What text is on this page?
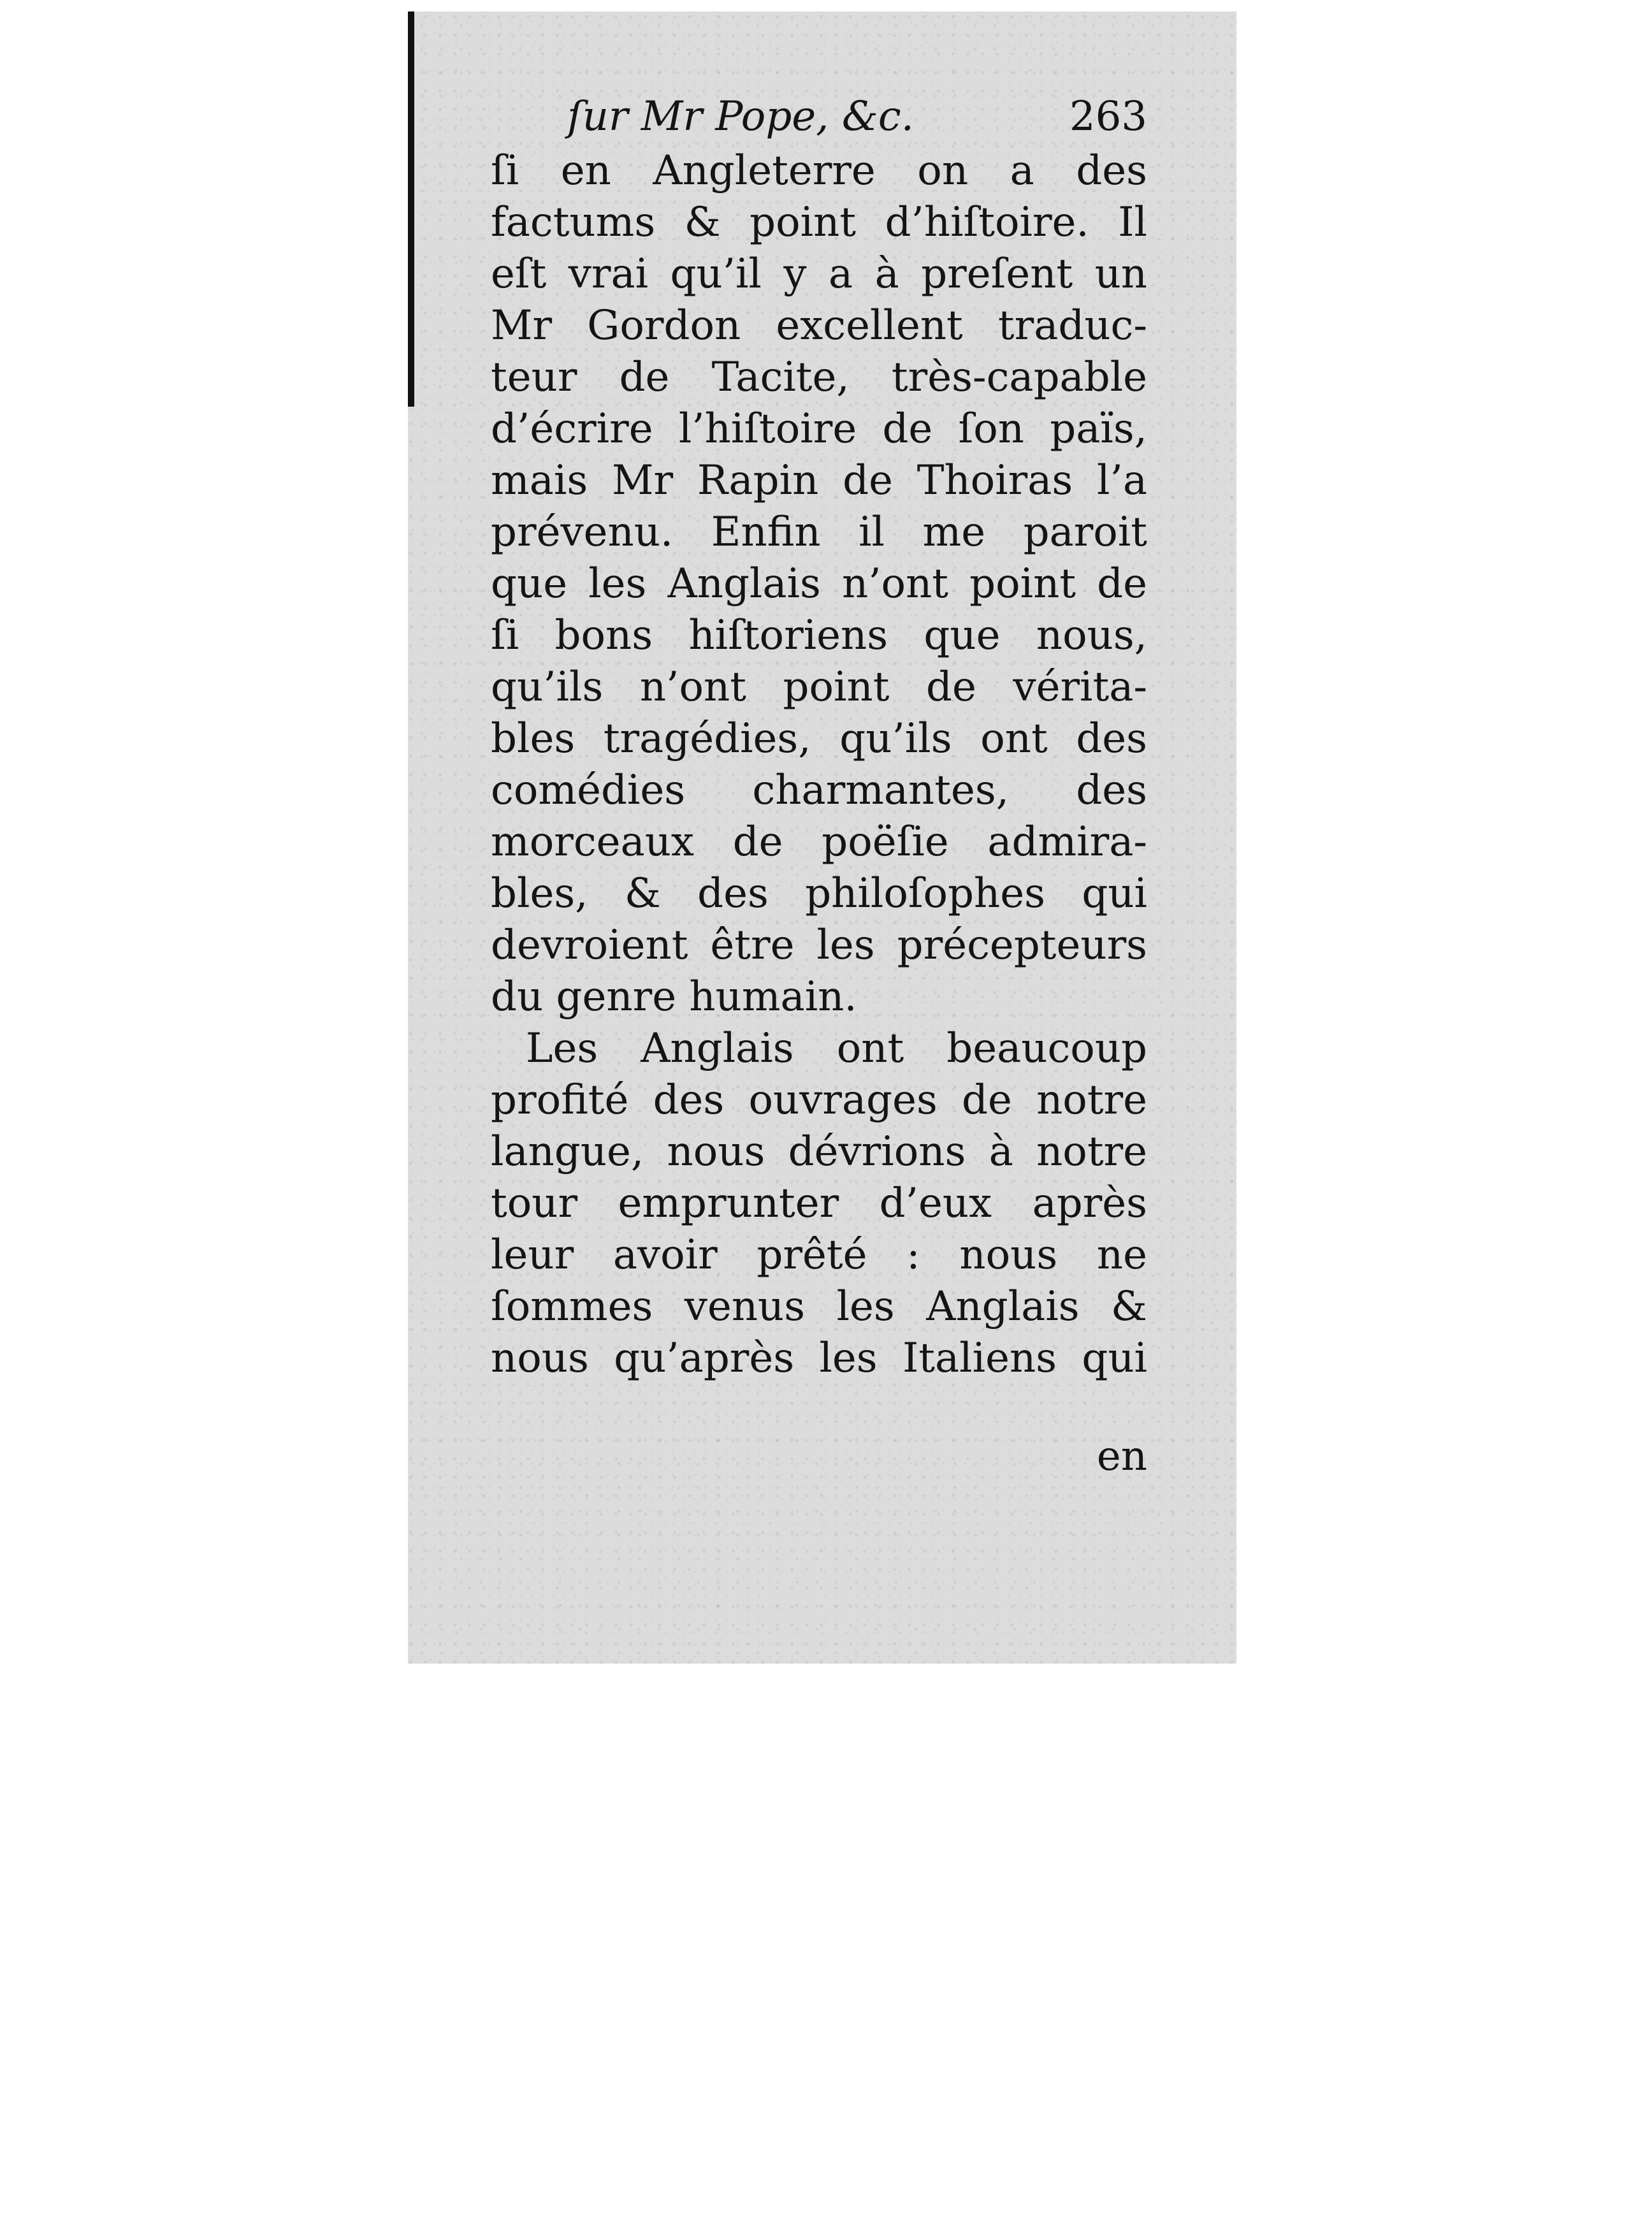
ſur Mr Pope, &c.	263
ſi en Angleterre on a des
factums & point d’hiſtoire. Il
eſt vrai qu’il y a à preſent un
Mr Gordon excellent traduc-
teur de Tacite, très-capable
d’écrire l’hiſtoire de ſon païs,
mais Mr Rapin de Thoiras l’a
prévenu. Enfin il me paroit
que les Anglais n’ont point de
ſi bons hiſtoriens que nous,
qu’ils n’ont point de vérita-
bles tragédies, qu’ils ont des
comédies charmantes, des
morceaux de poëſie admira-
bles, & des philoſophes qui
devroient être les précepteurs
du genre humain.
Les Anglais ont beaucoup
profité des ouvrages de notre
langue, nous dévrions à notre
tour emprunter d’eux après
leur avoir prêté : nous ne
ſommes venus les Anglais &
nous qu’après les Italiens qui
en
